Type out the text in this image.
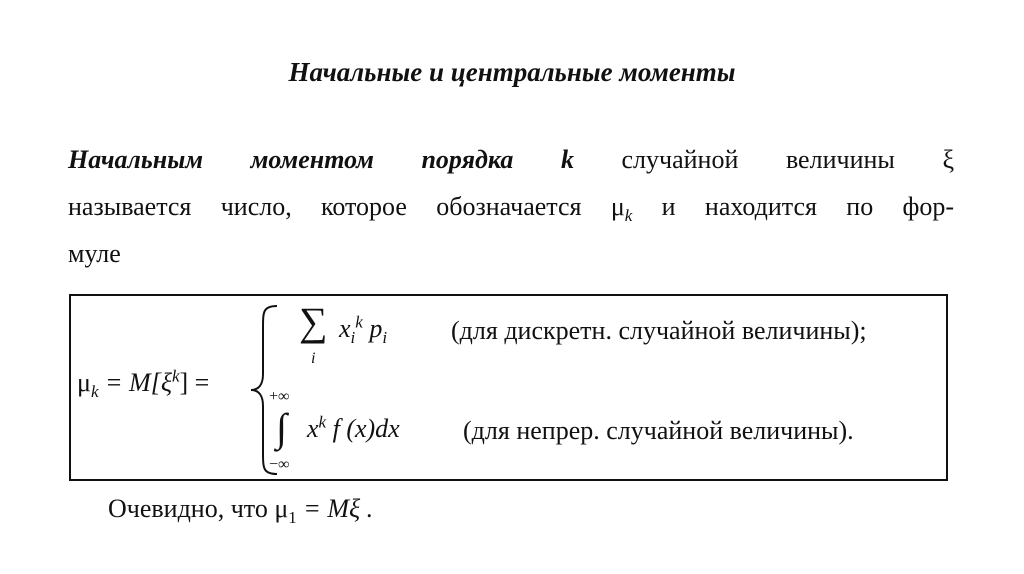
Начальные и центральные моменты
Начальным моментом порядка k случайной величины ξ
называется число, которое обозначается $\mu_k$ и находится по фор-
муле
$\mu_k = M[\xi^k]$ =
∑
i
$x_i^k$ $p_i$ (для дискретн. случайной величины);
+∞
∫
−∞
$x^k$ f (x)dx (для непрер. случайной величины).
Очевидно, что $\mu_1 = M\xi$ .
